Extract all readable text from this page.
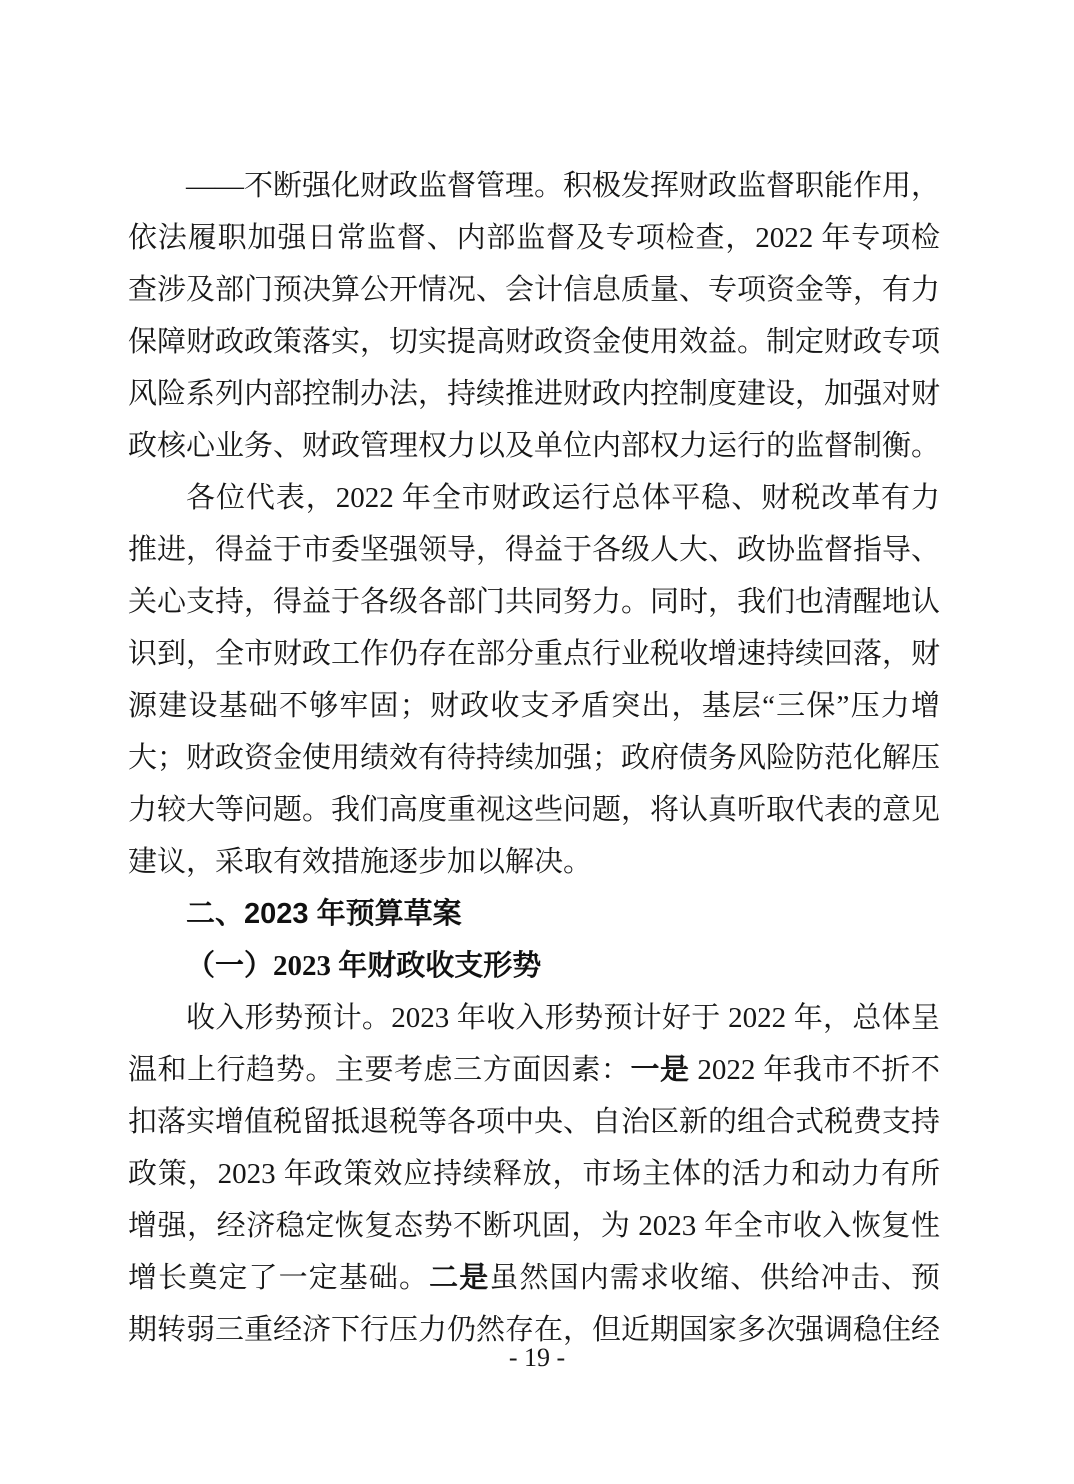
——不断强化财政监督管理。积极发挥财政监督职能作用，依法履职加强日常监督、内部监督及专项检查，2022 年专项检查涉及部门预决算公开情况、会计信息质量、专项资金等，有力保障财政政策落实，切实提高财政资金使用效益。制定财政专项风险系列内部控制办法，持续推进财政内控制度建设，加强对财政核心业务、财政管理权力以及单位内部权力运行的监督制衡。

各位代表，2022 年全市财政运行总体平稳、财税改革有力推进，得益于市委坚强领导，得益于各级人大、政协监督指导、关心支持，得益于各级各部门共同努力。同时，我们也清醒地认识到，全市财政工作仍存在部分重点行业税收增速持续回落，财源建设基础不够牢固；财政收支矛盾突出，基层“三保”压力增大；财政资金使用绩效有待持续加强；政府债务风险防范化解压力较大等问题。我们高度重视这些问题，将认真听取代表的意见建议，采取有效措施逐步加以解决。

二、2023 年预算草案
（一）2023 年财政收支形势

收入形势预计。2023 年收入形势预计好于 2022 年，总体呈温和上行趋势。主要考虑三方面因素：一是 2022 年我市不折不扣落实增值税留抵退税等各项中央、自治区新的组合式税费支持政策，2023 年政策效应持续释放，市场主体的活力和动力有所增强，经济稳定恢复态势不断巩固，为 2023 年全市收入恢复性增长奠定了一定基础。二是虽然国内需求收缩、供给冲击、预期转弱三重经济下行压力仍然存在，但近期国家多次强调稳住经

- 19 -
